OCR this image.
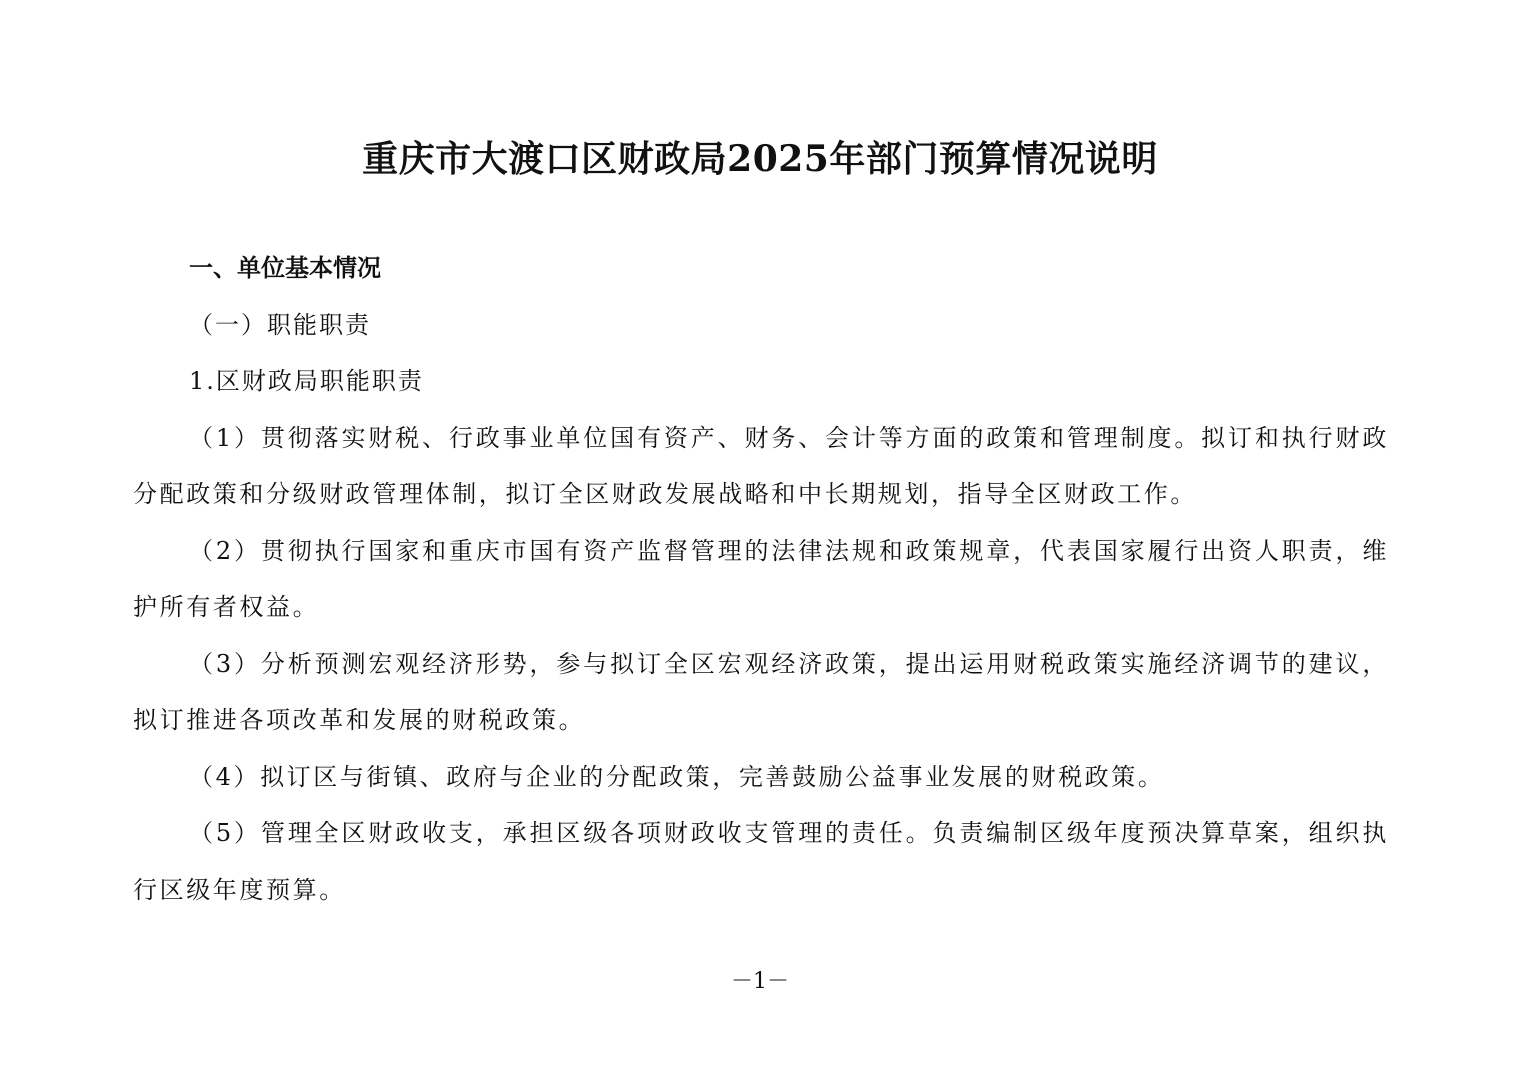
重庆市大渡口区财政局2025年部门预算情况说明

一、单位基本情况

（一）职能职责

1.区财政局职能职责

（1）贯彻落实财税、行政事业单位国有资产、财务、会计等方面的政策和管理制度。拟订和执行财政分配政策和分级财政管理体制，拟订全区财政发展战略和中长期规划，指导全区财政工作。

（2）贯彻执行国家和重庆市国有资产监督管理的法律法规和政策规章，代表国家履行出资人职责，维护所有者权益。

（3）分析预测宏观经济形势，参与拟订全区宏观经济政策，提出运用财税政策实施经济调节的建议，拟订推进各项改革和发展的财税政策。

（4）拟订区与街镇、政府与企业的分配政策，完善鼓励公益事业发展的财税政策。

（5）管理全区财政收支，承担区级各项财政收支管理的责任。负责编制区级年度预决算草案，组织执行区级年度预算。

－1－
